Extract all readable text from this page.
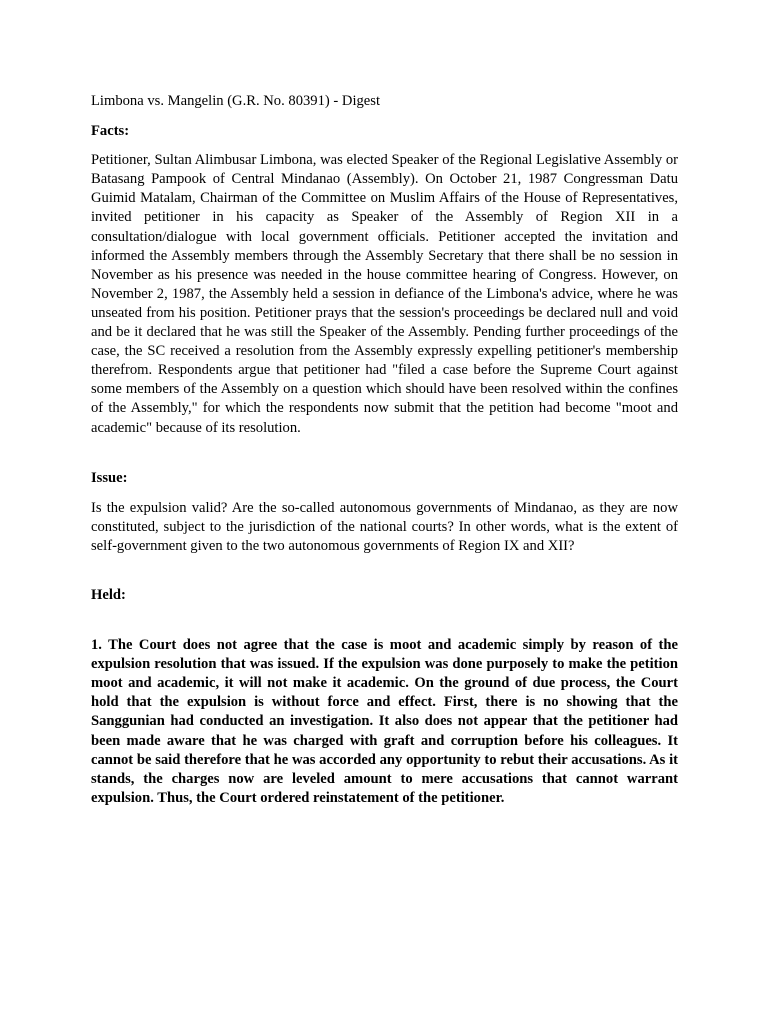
Limbona vs. Mangelin (G.R. No. 80391) - Digest

Facts:

Petitioner, Sultan Alimbusar Limbona, was elected Speaker of the Regional Legislative Assembly or Batasang Pampook of Central Mindanao (Assembly). On October 21, 1987 Congressman Datu Guimid Matalam, Chairman of the Committee on Muslim Affairs of the House of Representatives, invited petitioner in his capacity as Speaker of the Assembly of Region XII in a consultation/dialogue with local government officials. Petitioner accepted the invitation and informed the Assembly members through the Assembly Secretary that there shall be no session in November as his presence was needed in the house committee hearing of Congress. However, on November 2, 1987, the Assembly held a session in defiance of the Limbona's advice, where he was unseated from his position. Petitioner prays that the session's proceedings be declared null and void and be it declared that he was still the Speaker of the Assembly. Pending further proceedings of the case, the SC received a resolution from the Assembly expressly expelling petitioner's membership therefrom. Respondents argue that petitioner had "filed a case before the Supreme Court against some members of the Assembly on a question which should have been resolved within the confines of the Assembly," for which the respondents now submit that the petition had become "moot and academic" because of its resolution.

Issue:

Is the expulsion valid? Are the so-called autonomous governments of Mindanao, as they are now constituted, subject to the jurisdiction of the national courts? In other words, what is the extent of self-government given to the two autonomous governments of Region IX and XII?

Held:

1. The Court does not agree that the case is moot and academic simply by reason of the expulsion resolution that was issued. If the expulsion was done purposely to make the petition moot and academic, it will not make it academic. On the ground of due process, the Court hold that the expulsion is without force and effect. First, there is no showing that the Sanggunian had conducted an investigation. It also does not appear that the petitioner had been made aware that he was charged with graft and corruption before his colleagues. It cannot be said therefore that he was accorded any opportunity to rebut their accusations. As it stands, the charges now are leveled amount to mere accusations that cannot warrant expulsion. Thus, the Court ordered reinstatement of the petitioner.
